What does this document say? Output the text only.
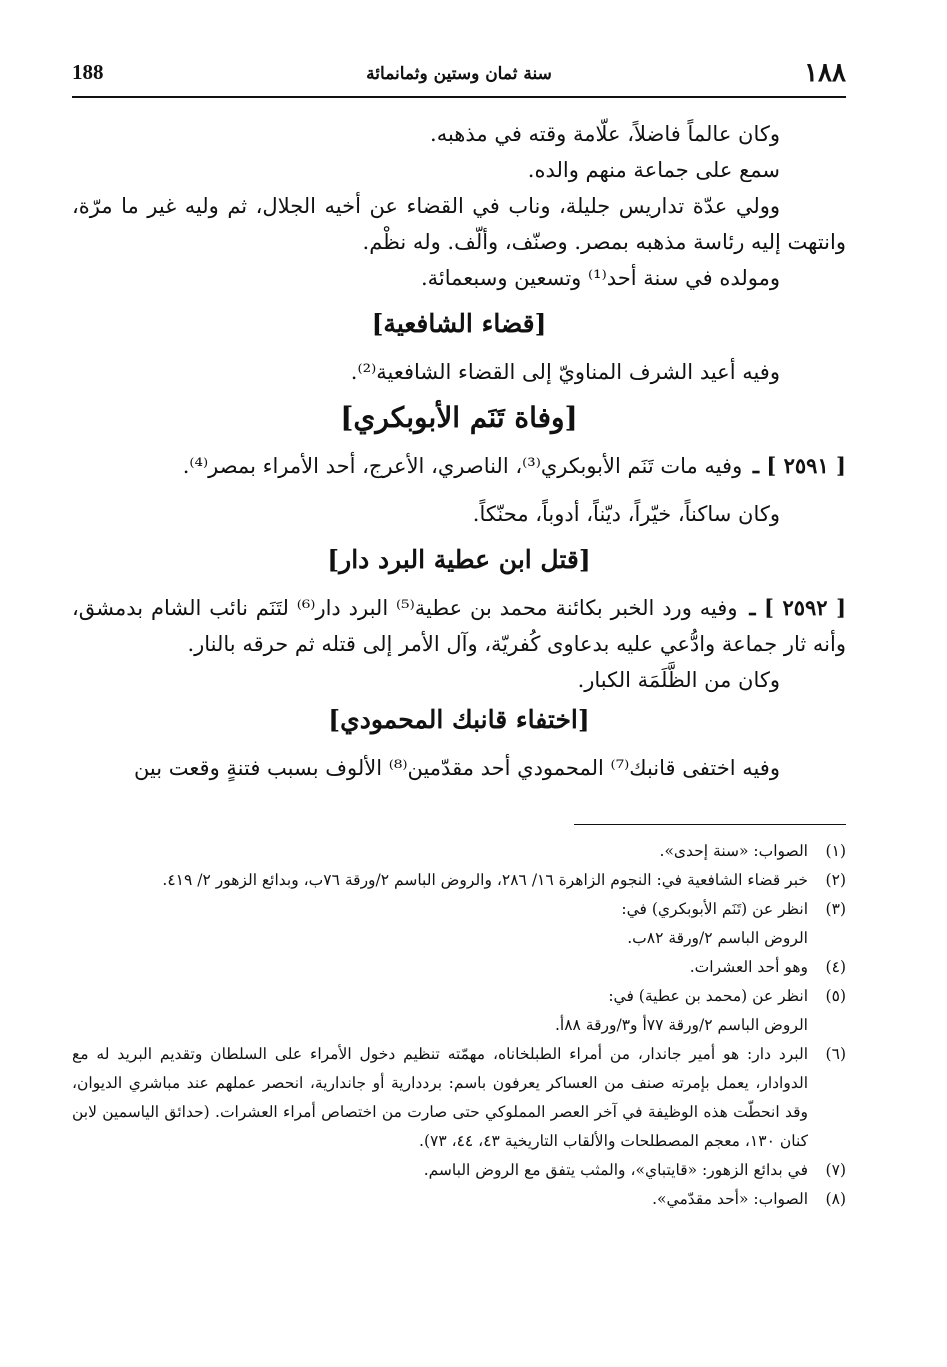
١٨٨
سنة ثمان وستين وثمانمائة
188

وكان عالماً فاضلاً، علّامة وقته في مذهبه.

سمع على جماعة منهم والده.

وولي عدّة تداريس جليلة، وناب في القضاء عن أخيه الجلال، ثم وليه غير ما مرّة، وانتهت إليه رئاسة مذهبه بمصر. وصنّف، وألّف. وله نظْم.

ومولده في سنة أحد⁽¹⁾ وتسعين وسبعمائة.

[قضاء الشافعية]

وفيه أعيد الشرف المناويّ إلى القضاء الشافعية⁽²⁾.

[وفاة تَنَم الأبوبكري]

[ ٢٥٩١ ] ـ وفيه مات تَنَم الأبوبكري⁽³⁾، الناصري، الأعرج، أحد الأمراء بمصر⁽⁴⁾.

وكان ساكناً، خيّراً، ديّناً، أدوباً، محنّكاً.

[قتل ابن عطية البرد دار]

[ ٢٥٩٢ ] ـ وفيه ورد الخبر بكائنة محمد بن عطية⁽⁵⁾ البرد دار⁽⁶⁾ لتَنَم نائب الشام بدمشق، وأنه ثار جماعة وادُّعي عليه بدعاوى كُفريّة، وآل الأمر إلى قتله ثم حرقه بالنار.

وكان من الظَّلَمَة الكبار.

[اختفاء قانبك المحمودي]

وفيه اختفى قانبك⁽⁷⁾ المحمودي أحد مقدّمين⁽⁸⁾ الألوف بسبب فتنةٍ وقعت بين

(١)
الصواب: «سنة إحدى».
(٢)
خبر قضاء الشافعية في: النجوم الزاهرة ١٦/ ٢٨٦، والروض الباسم ٢/ورقة ٧٦ب، وبدائع الزهور ٢/ ٤١٩.
(٣)
انظر عن (تَنَم الأبوبكري) في:
الروض الباسم ٢/ورقة ٨٢ب.
(٤)
وهو أحد العشرات.
(٥)
انظر عن (محمد بن عطية) في:
الروض الباسم ٢/ورقة ٧٧أ و٣/ورقة ٨٨أ.
(٦)
البرد دار: هو أمير جاندار، من أمراء الطبلخاناه، مهمّته تنظيم دخول الأمراء على السلطان وتقديم البريد له مع الدوادار، يعمل بإمرته صنف من العساكر يعرفون باسم: برددارية أو جاندارية، انحصر عملهم عند مباشري الديوان، وقد انحطّت هذه الوظيفة في آخر العصر المملوكي حتى صارت من اختصاص أمراء العشرات. (حدائق الياسمين لابن كنان ١٣٠، معجم المصطلحات والألقاب التاريخية ٤٣، ٤٤، ٧٣).
(٧)
في بدائع الزهور: «قايتباي»، والمثب يتفق مع الروض الباسم.
(٨)
الصواب: «أحد مقدّمي».
